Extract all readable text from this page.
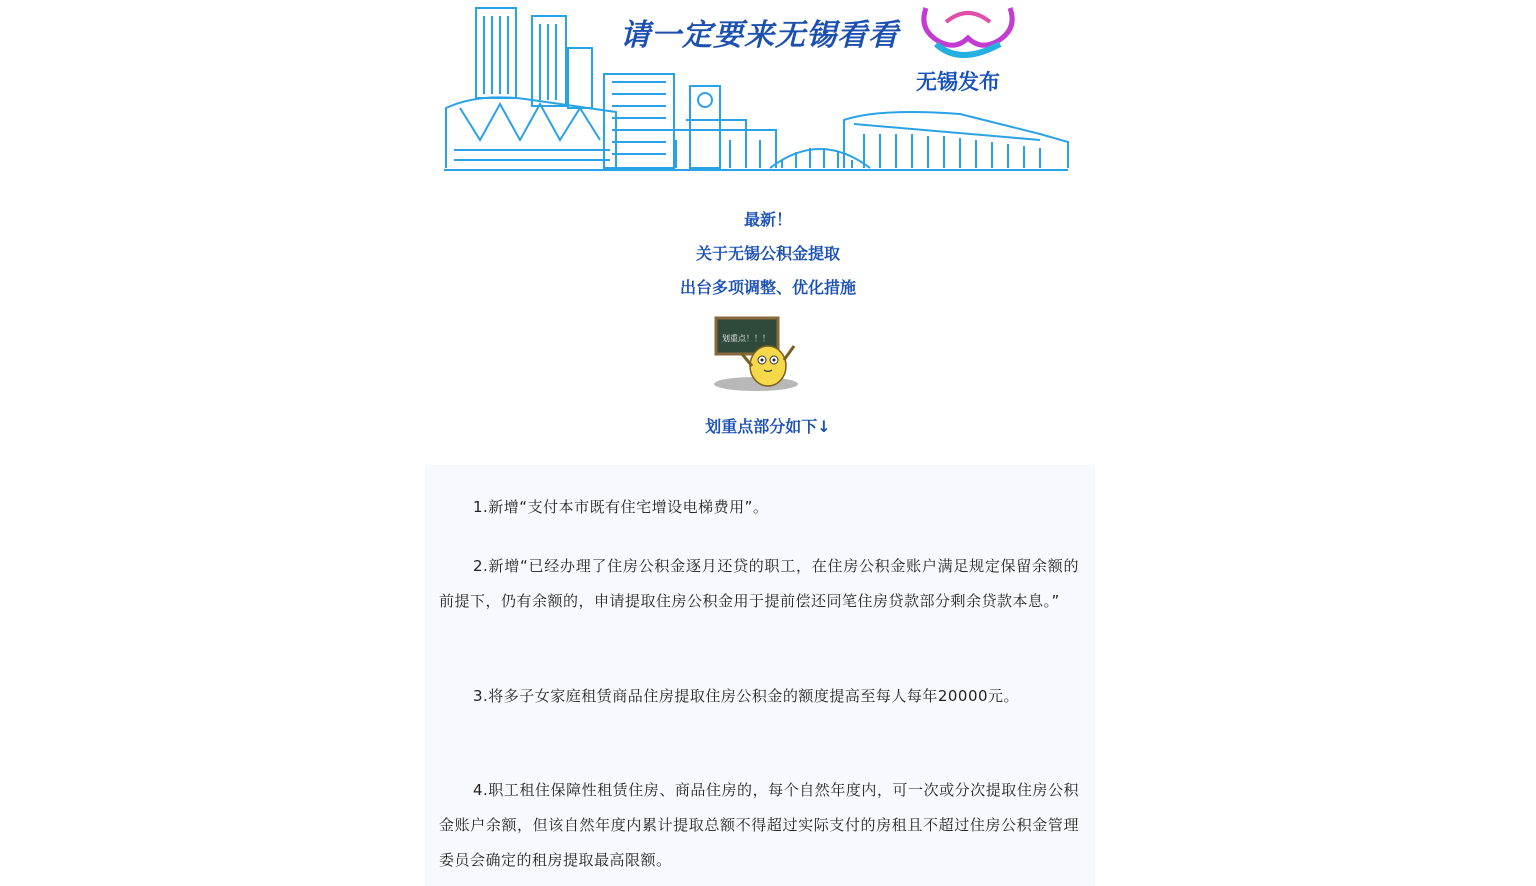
请一定要来无锡看看
无锡发布
最新！
关于无锡公积金提取
出台多项调整、优化措施
划重点！！！
划重点部分如下↓
1.新增“支付本市既有住宅增设电梯费用”。
2.新增“已经办理了住房公积金逐月还贷的职工，在住房公积金账户满足规定保留余额的前提下，仍有余额的，申请提取住房公积金用于提前偿还同笔住房贷款部分剩余贷款本息。”
3.将多子女家庭租赁商品住房提取住房公积金的额度提高至每人每年20000元。
4.职工租住保障性租赁住房、商品住房的，每个自然年度内，可一次或分次提取住房公积金账户余额，但该自然年度内累计提取总额不得超过实际支付的房租且不超过住房公积金管理委员会确定的租房提取最高限额。
